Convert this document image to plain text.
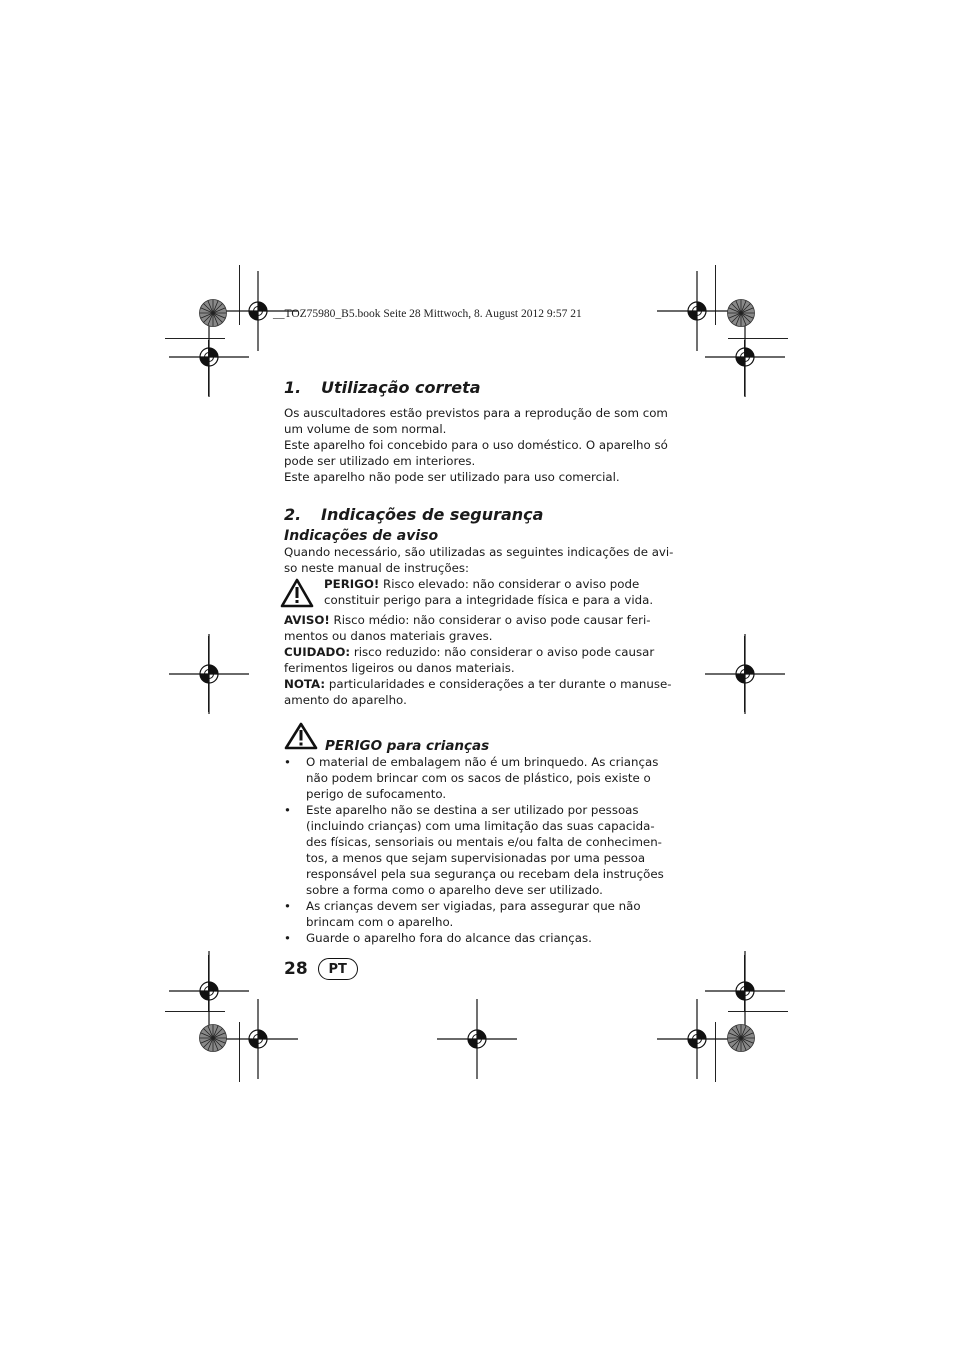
__TOZ75980_B5.book Seite 28 Mittwoch, 8. August 2012 9:57 21
1.	Utilização correta

Os auscultadores estão previstos para a reprodução de som com

um volume de som normal.

Este aparelho foi concebido para o uso doméstico. O aparelho só

pode ser utilizado em interiores.

Este aparelho não pode ser utilizado para uso comercial.

2.	Indicações de segurança
Indicações de aviso

Quando necessário, são utilizadas as seguintes indicações de avi-

so neste manual de instruções:

PERIGO! Risco elevado: não considerar o aviso pode

constituir perigo para a integridade física e para a vida.

AVISO! Risco médio: não considerar o aviso pode causar feri-

mentos ou danos materiais graves.

CUIDADO: risco reduzido: não considerar o aviso pode causar

ferimentos ligeiros ou danos materiais.

NOTA: particularidades e considerações a ter durante o manuse-

amento do aparelho.

PERIGO para crianças
•	O material de embalagem não é um brinquedo. As crianças
não podem brincar com os sacos de plástico, pois existe o
perigo de sufocamento.
•	Este aparelho não se destina a ser utilizado por pessoas
(incluindo crianças) com uma limitação das suas capacida-
des físicas, sensoriais ou mentais e/ou falta de conhecimen-
tos, a menos que sejam supervisionadas por uma pessoa
responsável pela sua segurança ou recebam dela instruções
sobre a forma como o aparelho deve ser utilizado.
•	As crianças devem ser vigiadas, para assegurar que não
brincam com o aparelho.
•	Guarde o aparelho fora do alcance das crianças.
28	PT
